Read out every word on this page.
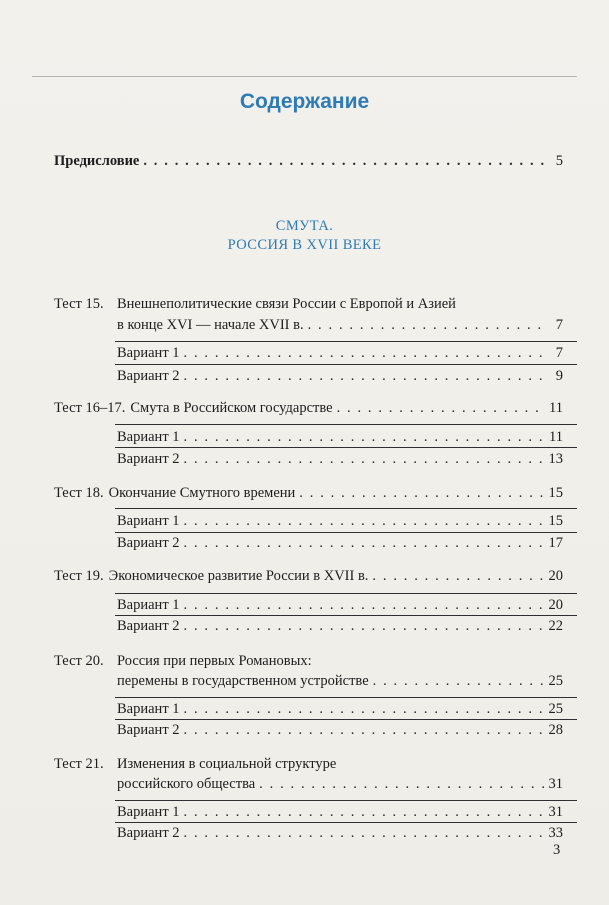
Содержание
Предисловие . . .	5
СМУТА.
РОССИЯ В XVII ВЕКЕ
Тест 15. Внешнеполитические связи России с Европой и Азией
в конце XVI — начале XVII в. . . .	7
Вариант 1 . . .	7
Вариант 2 . . .	9
Тест 16–17. Смута в Российском государстве . . .	11
Вариант 1 . . .	11
Вариант 2 . . .	13
Тест 18. Окончание Смутного времени . . .	15
Вариант 1 . . .	15
Вариант 2 . . .	17
Тест 19. Экономическое развитие России в XVII в. . . .	20
Вариант 1 . . .	20
Вариант 2 . . .	22
Тест 20. Россия при первых Романовых:
перемены в государственном устройстве . . .	25
Вариант 1 . . .	25
Вариант 2 . . .	28
Тест 21. Изменения в социальной структуре
российского общества . . .	31
Вариант 1 . . .	31
Вариант 2 . . .	33
3
